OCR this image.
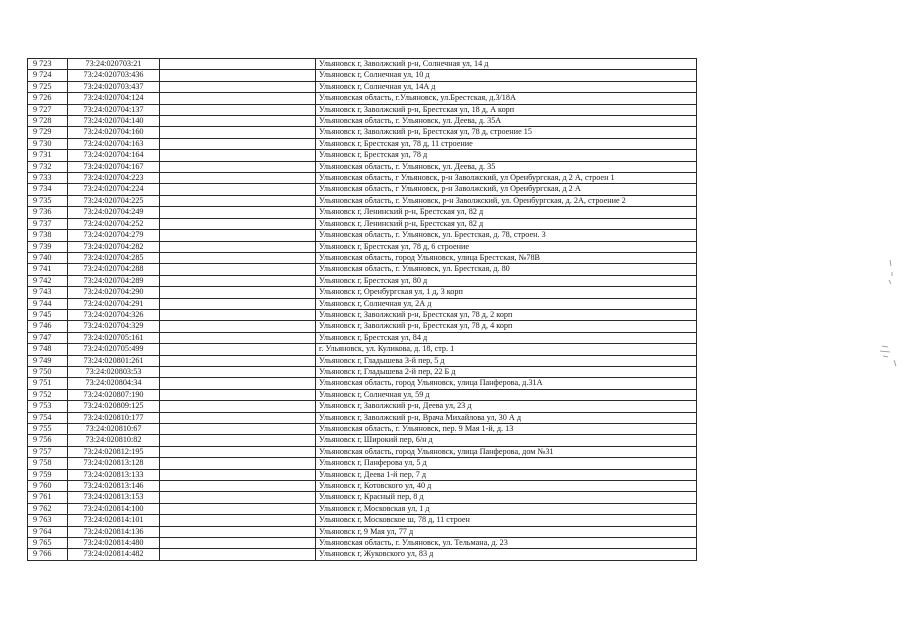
9 723	73:24:020703:21		Ульяновск г, Заволжский р-н, Солнечная ул, 14 д
9 724	73:24:020703:436		Ульяновск г, Солнечная ул, 10 д
9 725	73:24:020703:437		Ульяновск г, Солнечная ул, 14А д
9 726	73:24:020704:124		Ульяновская область, г.Ульяновск, ул.Брестская, д.3/18А
9 727	73:24:020704:137		Ульяновск г, Заволжский р-н, Брестская ул, 18 д, А корп
9 728	73:24:020704:140		Ульяновская область, г. Ульяновск, ул. Деева, д. 35А
9 729	73:24:020704:160		Ульяновск г, Заволжский р-н, Брестская ул, 78 д, строение 15
9 730	73:24:020704:163		Ульяновск г, Брестская ул, 78 д, 11 строение
9 731	73:24:020704:164		Ульяновск г, Брестская ул, 78 д
9 732	73:24:020704:167		Ульяновская область, г. Ульяновск, ул. Деева, д. 35
9 733	73:24:020704:223		Ульяновская область, г Ульяновск, р-н Заволжский, ул Оренбургская, д 2 А, строен 1
9 734	73:24:020704:224		Ульяновская область, г Ульяновск, р-н Заволжский, ул Оренбургская, д 2 А
9 735	73:24:020704:225		Ульяновская область, г. Ульяновск, р-н Заволжский, ул. Оренбургская, д. 2А, строение 2
9 736	73:24:020704:249		Ульяновск г, Ленинский р-н, Брестская ул, 82 д
9 737	73:24:020704:252		Ульяновск г, Ленинский р-н, Брестская ул, 82 д
9 738	73:24:020704:279		Ульяновская область, г. Ульяновск, ул. Брестская, д. 78, строен. 3
9 739	73:24:020704:282		Ульяновск г, Брестская ул, 78 д, 6 строение
9 740	73:24:020704:285		Ульяновская область, город Ульяновск, улица Брестская, №78В
9 741	73:24:020704:288		Ульяновская область, г. Ульяновск, ул. Брестская, д. 80
9 742	73:24:020704:289		Ульяновск г, Брестская ул, 80 д
9 743	73:24:020704:290		Ульяновск г, Оренбургская ул, 1 д, 3 корп
9 744	73:24:020704:291		Ульяновск г, Солнечная ул, 2А д
9 745	73:24:020704:326		Ульяновск г, Заволжский р-н, Брестская ул, 78 д, 2 корп
9 746	73:24:020704:329		Ульяновск г, Заволжский р-н, Брестская ул, 78 д, 4 корп
9 747	73:24:020705:161		Ульяновск г, Брестская ул, 84 д
9 748	73:24:020705:499		г. Ульяновск, ул. Куликова, д. 18, стр. 1
9 749	73:24:020801:261		Ульяновск г, Гладышева 3-й пер, 5 д
9 750	73:24:020803:53		Ульяновск г, Гладышева 2-й пер, 22 Б д
9 751	73:24:020804:34		Ульяновская область, город Ульяновск, улица Панферова, д.31А
9 752	73:24:020807:190		Ульяновск г, Солнечная ул, 59 д
9 753	73:24:020809:125		Ульяновск г, Заволжский р-н, Деева ул, 23 д
9 754	73:24:020810:177		Ульяновск г, Заволжский р-н, Врача Михайлова ул, 30 А д
9 755	73:24:020810:67		Ульяновская область, г. Ульяновск, пер. 9 Мая 1-й, д. 13
9 756	73:24:020810:82		Ульяновск г, Широкий пер, 6/н д
9 757	73:24:020812:195		Ульяновская область, город Ульяновск, улица Панферова, дом №31
9 758	73:24:020813:128		Ульяновск г, Панферова ул, 5 д
9 759	73:24:020813:133		Ульяновск г, Деева 1-й пер, 7 д
9 760	73:24:020813:146		Ульяновск г, Котовского ул, 40 д
9 761	73:24:020813:153		Ульяновск г, Красный пер, 8 д
9 762	73:24:020814:100		Ульяновск г, Московская ул, 1 д
9 763	73:24:020814:101		Ульяновск г, Московское ш, 78 д, 11 строен
9 764	73:24:020814:136		Ульяновск г, 9 Мая ул, 77 д
9 765	73:24:020814:480		Ульяновская область, г. Ульяновск, ул. Тельмана, д. 23
9 766	73:24:020814:482		Ульяновск г, Жуковского ул, 83 д
